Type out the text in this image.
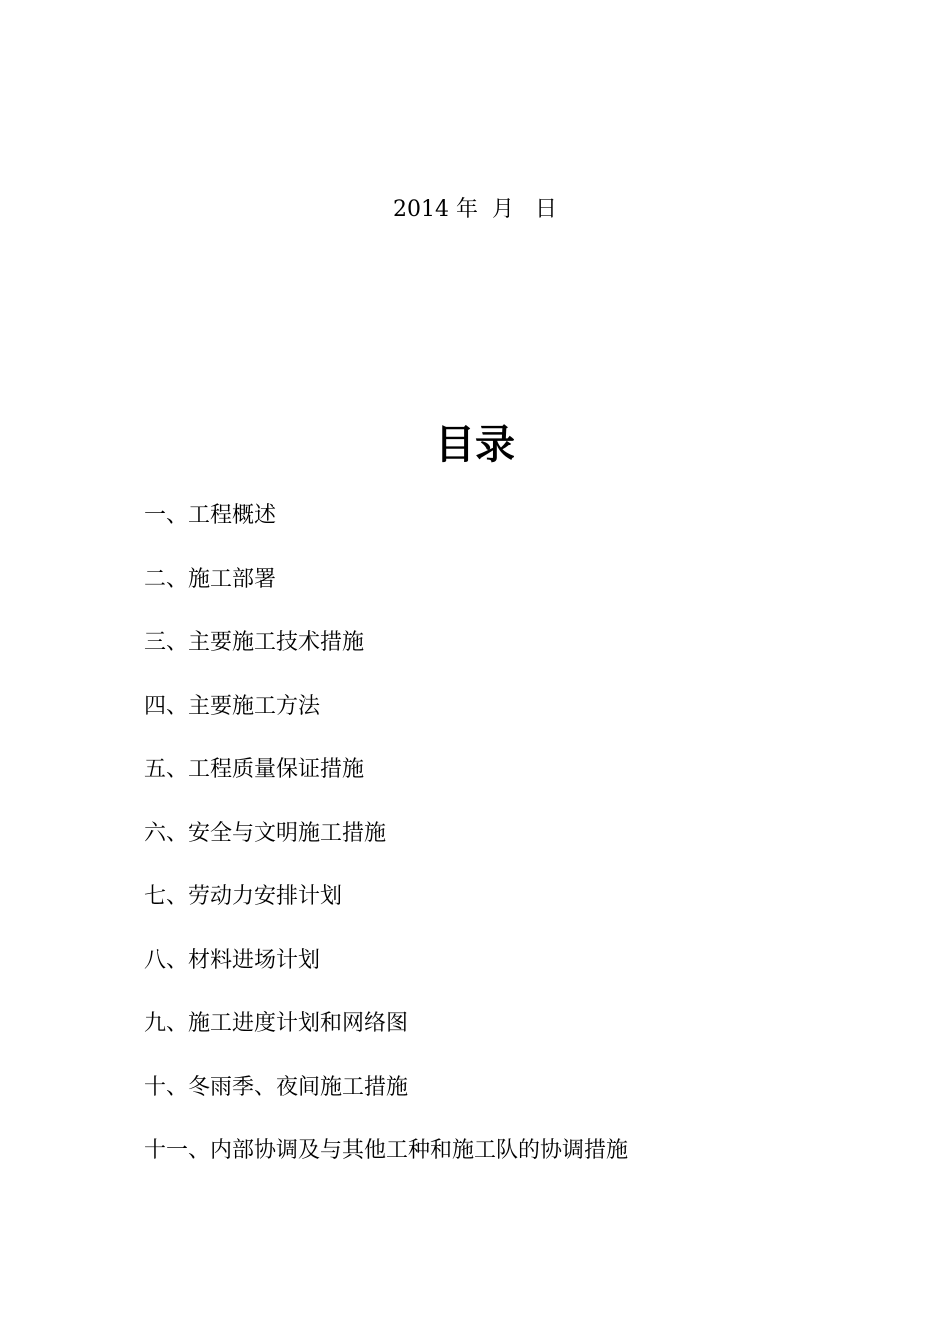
2014 年  月   日
目录
一、工程概述
二、施工部署
三、主要施工技术措施
四、主要施工方法
五、工程质量保证措施
六、安全与文明施工措施
七、劳动力安排计划
八、材料进场计划
九、施工进度计划和网络图
十、冬雨季、夜间施工措施
十一、内部协调及与其他工种和施工队的协调措施
